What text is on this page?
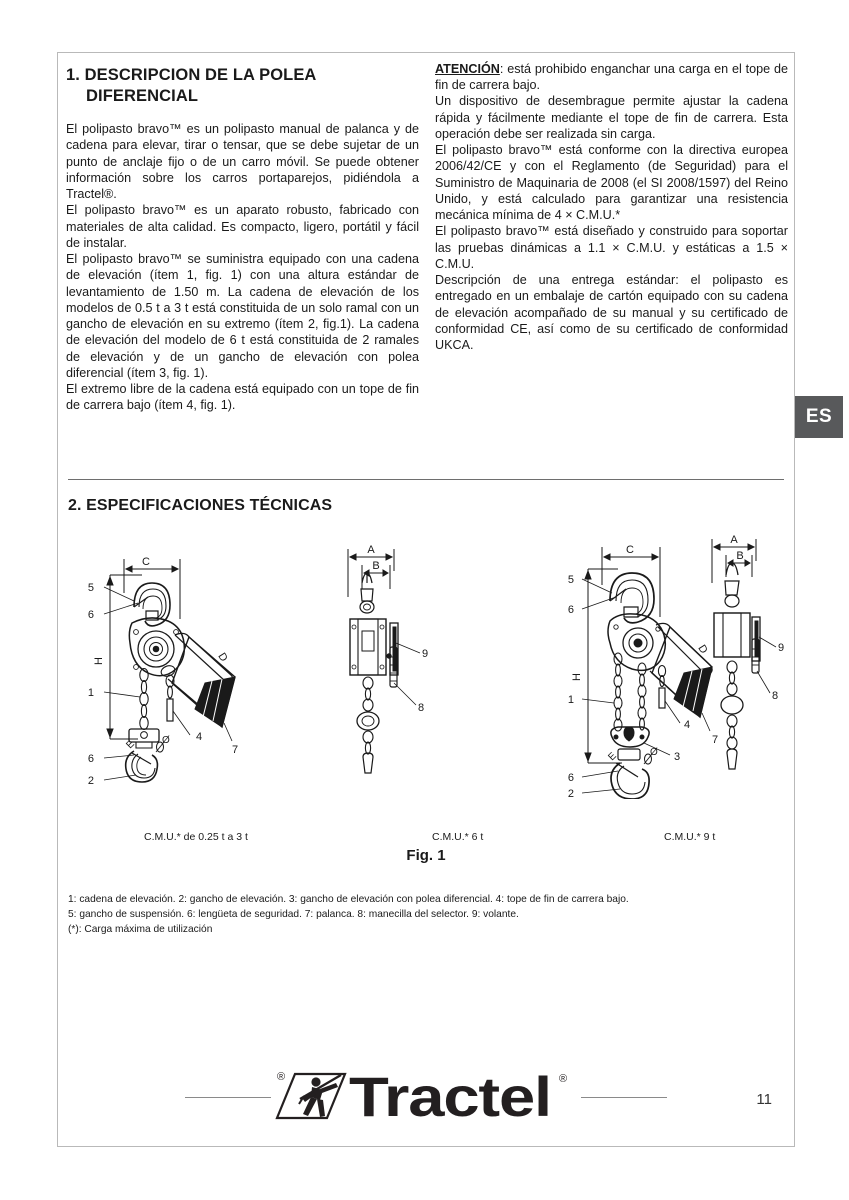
ES
1. DESCRIPCION DE LA POLEA
DIFERENCIAL

El polipasto bravo™ es un polipasto manual de palanca y de cadena para elevar, tirar o tensar, que se debe sujetar de un punto de anclaje fijo o de un carro móvil. Se puede obtener información sobre los carros portaparejos, pidiéndola a Tractel®.

El polipasto bravo™ es un aparato robusto, fabricado con materiales de alta calidad. Es compacto, ligero, portátil y fácil de instalar.

El polipasto bravo™ se suministra equipado con una cadena de elevación (ítem 1, fig. 1) con una altura estándar de levantamiento de 1.50 m. La cadena de elevación de los modelos de 0.5 t a 3 t está constituida de un solo ramal con un gancho de elevación en su extremo (ítem 2, fig.1). La cadena de elevación del modelo de 6 t está constituida de 2 ramales de elevación y de un gancho de elevación con polea diferencial (ítem 3, fig. 1).

El extremo libre de la cadena está equipado con un tope de fin de carrera bajo (ítem 4, fig. 1).

ATENCIÓN: está prohibido enganchar una carga en el tope de fin de carrera bajo.

Un dispositivo de desembrague permite ajustar la cadena rápida y fácilmente mediante el tope de fin de carrera. Esta operación debe ser realizada sin carga.

El polipasto bravo™ está conforme con la directiva europea 2006/42/CE y con el Reglamento (de Seguridad) para el Suministro de Maquinaria de 2008 (el SI 2008/1597) del Reino Unido, y está calculado para garantizar una resistencia mecánica mínima de 4 × C.M.U.*

El polipasto bravo™ está diseñado y construido para soportar las pruebas dinámicas a 1.1 × C.M.U. y estáticas a 1.5 × C.M.U.

Descripción de una entrega estándar: el polipasto es entregado en un embalaje de cartón equipado con su cadena de elevación acompañado de su manual y su certificado de conformidad CE, así como de su certificado de conformidad UKCA.

2. ESPECIFICACIONES TÉCNICAS
C
H	D
E	Ø
5
6
1
6
2
4
7
A
B
9
8
C
H
D
E	Ø
A
B
5
6
1
6
2
4
7
3
9
8
C.M.U.* de 0.25 t a 3 t	C.M.U.* 6 t	C.M.U.* 9 t
Fig. 1
1: cadena de elevación. 2: gancho de elevación. 3: gancho de elevación con polea diferencial. 4: tope de fin de carrera bajo.
5: gancho de suspensión. 6: lengüeta de seguridad. 7: palanca. 8: manecilla del selector. 9: volante.
(*): Carga máxima de utilización
® Tractel ®
11
